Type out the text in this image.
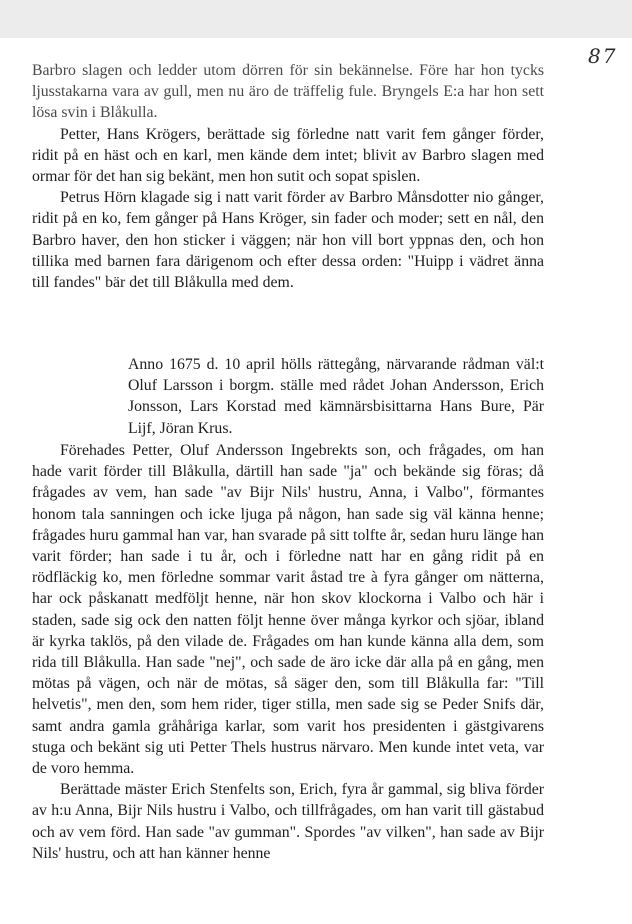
87

Barbro slagen och ledder utom dörren för sin bekännelse. Före har hon tycks ljusstakarna vara av gull, men nu äro de träffelig fule. Bryngels E:a har hon sett lösa svin i Blåkulla.

Petter, Hans Krögers, berättade sig förledne natt varit fem gånger förder, ridit på en häst och en karl, men kände dem intet; blivit av Barbro slagen med ormar för det han sig bekänt, men hon sutit och sopat spislen.

Petrus Hörn klagade sig i natt varit förder av Barbro Månsdotter nio gånger, ridit på en ko, fem gånger på Hans Kröger, sin fader och moder; sett en nål, den Barbro haver, den hon sticker i väggen; när hon vill bort yppnas den, och hon tillika med barnen fara därigenom och efter dessa orden: "Huipp i vädret änna till fandes" bär det till Blåkulla med dem.

Anno 1675 d. 10 april hölls rättegång, närvarande rådman väl:t Oluf Larsson i borgm. ställe med rådet Johan Andersson, Erich Jonsson, Lars Korstad med kämnärsbisittarna Hans Bure, Pär Lijf, Jöran Krus.

Förehades Petter, Oluf Andersson Ingebrekts son, och frågades, om han hade varit förder till Blåkulla, därtill han sade "ja" och bekände sig föras; då frågades av vem, han sade "av Bijr Nils' hustru, Anna, i Valbo", förmantes honom tala sanningen och icke ljuga på någon, han sade sig väl känna henne; frågades huru gammal han var, han svarade på sitt tolfte år, sedan huru länge han varit förder; han sade i tu år, och i förledne natt har en gång ridit på en rödfläckig ko, men förledne sommar varit åstad tre à fyra gånger om nätterna, har ock påskanatt medföljt henne, när hon skov klockorna i Valbo och här i staden, sade sig ock den natten följt henne över många kyrkor och sjöar, ibland är kyrka taklös, på den vilade de. Frågades om han kunde känna alla dem, som rida till Blåkulla. Han sade "nej", och sade de äro icke där alla på en gång, men mötas på vägen, och när de mötas, så säger den, som till Blåkulla far: "Till helvetis", men den, som hem rider, tiger stilla, men sade sig se Peder Snifs där, samt andra gamla gråhåriga karlar, som varit hos presidenten i gästgivarens stuga och bekänt sig uti Petter Thels hustrus närvaro. Men kunde intet veta, var de voro hemma.

Berättade mäster Erich Stenfelts son, Erich, fyra år gammal, sig bliva förder av h:u Anna, Bijr Nils hustru i Valbo, och tillfrågades, om han varit till gästabud och av vem förd. Han sade "av gumman". Spordes "av vilken", han sade av Bijr Nils' hustru, och att han känner henne
